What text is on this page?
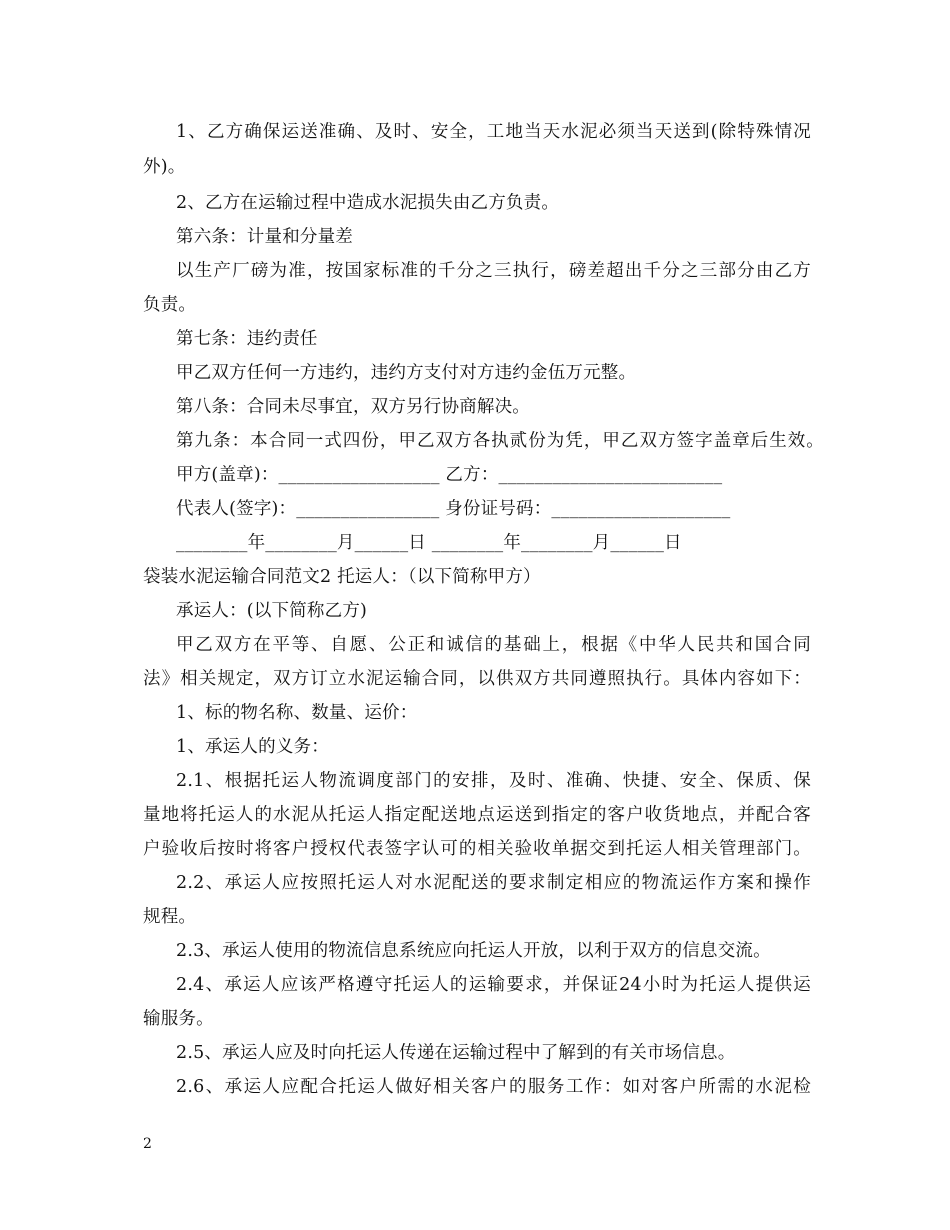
1、乙方确保运送准确、及时、安全，工地当天水泥必须当天送到(除特殊情况
外)。
2、乙方在运输过程中造成水泥损失由乙方负责。
第六条：计量和分量差
以生产厂磅为准，按国家标准的千分之三执行，磅差超出千分之三部分由乙方
负责。
第七条：违约责任
甲乙双方任何一方违约，违约方支付对方违约金伍万元整。
第八条：合同未尽事宜，双方另行协商解决。
第九条：本合同一式四份，甲乙双方各执贰份为凭，甲乙双方签字盖章后生效。
甲方(盖章)：__________________ 乙方：_________________________
代表人(签字)：________________ 身份证号码：____________________
________年________月______日 ________年________月______日
袋装水泥运输合同范文2 托运人：（以下简称甲方）
承运人：(以下简称乙方)
甲乙双方在平等、自愿、公正和诚信的基础上，根据《中华人民共和国合同
法》相关规定，双方订立水泥运输合同，以供双方共同遵照执行。具体内容如下：
1、标的物名称、数量、运价：
1、承运人的义务：
2.1、根据托运人物流调度部门的安排，及时、准确、快捷、安全、保质、保
量地将托运人的水泥从托运人指定配送地点运送到指定的客户收货地点，并配合客
户验收后按时将客户授权代表签字认可的相关验收单据交到托运人相关管理部门。
2.2、承运人应按照托运人对水泥配送的要求制定相应的物流运作方案和操作
规程。
2.3、承运人使用的物流信息系统应向托运人开放，以利于双方的信息交流。
2.4、承运人应该严格遵守托运人的运输要求，并保证24小时为托运人提供运
输服务。
2.5、承运人应及时向托运人传递在运输过程中了解到的有关市场信息。
2.6、承运人应配合托运人做好相关客户的服务工作：如对客户所需的水泥检
2
